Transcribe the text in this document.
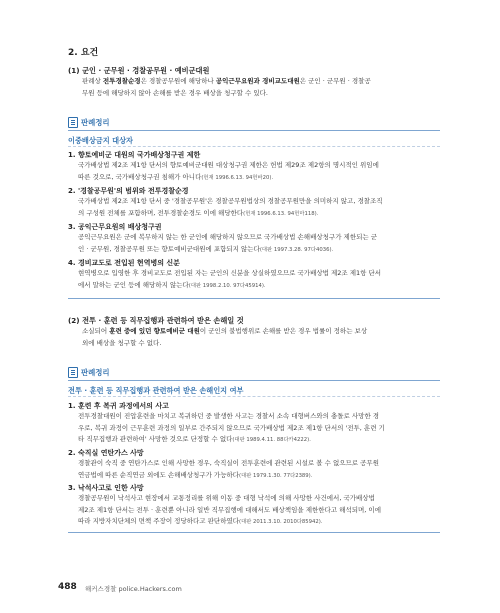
2. 요건
(1) 군인 · 군무원 · 경찰공무원 · 예비군대원
판례상 전투경찰순경은 경찰공무원에 해당하나 공익근무요원과 경비교도대원은 군인 · 군무원 · 경찰공
무원 등에 해당하지 않아 손해를 받은 경우 배상을 청구할 수 있다.
판례정리
이중배상금지 대상자
1. 향토예비군 대원의 국가배상청구권 제한
국가배상법 제2조 제1항 단서의 향토예비군대원 대상청구권 제한은 헌법 제29조 제2항의 명시적인 위임에
따른 것으로, 국가배상청구권 침해가 아니다(헌재 1996.6.13. 94헌바20).
2. '경찰공무원'의 범위와 전투경찰순경
국가배상법 제2조 제1항 단서 중 '경찰공무원'은 경찰공무원법상의 경찰공무원만을 의미하지 않고, 경찰조직
의 구성원 전체를 포함하며, 전투경찰순경도 이에 해당한다(헌재 1996.6.13. 94헌마118).
3. 공익근무요원의 배상청구권
공익근무요원은 군에 복무하지 않는 한 군인에 해당하지 않으므로 국가배상법 손해배상청구가 제한되는 군
인 · 군무원, 경찰공무원 또는 향토예비군대원에 포함되지 않는다(대판 1997.3.28. 97다4036).
4. 경비교도로 전입된 현역병의 신분
현역병으로 입영한 후 경비교도로 전입된 자는 군인의 신분을 상실하였으므로 국가배상법 제2조 제1항 단서
에서 말하는 군인 등에 해당하지 않는다(대판 1998.2.10. 97다45914).
(2) 전투 · 훈련 등 직무집행과 관련하여 받은 손해일 것
소실되어 훈련 중에 있던 향토예비군 대원이 군인의 불법행위로 손해를 받은 경우 법률이 정하는 보상
외에 배상을 청구할 수 없다.
판례정리
전투 · 훈련 등 직무집행과 관련하여 받은 손해인지 여부
1. 훈련 후 복귀 과정에서의 사고
전투경찰대원이 진압훈련을 마치고 복귀하던 중 발생한 사고는 경찰서 소속 대형버스와의 충돌로 사망한 경
우로, 복귀 과정이 근무훈련 과정의 일부로 간주되지 않으므로 국가배상법 제2조 제1항 단서의 '전투, 훈련 기
타 직무집행과 관련하여' 사망한 것으로 단정할 수 없다(대판 1989.4.11. 88다카4222).
2. 숙직실 연탄가스 사망
경찰관이 숙직 중 연탄가스로 인해 사망한 경우, 숙직실이 전투훈련에 관련된 시설로 볼 수 없으므로 공무원
연금법에 따른 순직연금 외에도 손해배상청구가 가능하다(대판 1979.1.30. 77다2389).
3. 낙석사고로 인한 사망
경찰공무원이 낙석사고 현장에서 교통정리를 위해 이동 중 대형 낙석에 의해 사망한 사건에서, 국가배상법
제2조 제1항 단서는 전투 · 훈련뿐 아니라 일반 직무집행에 대해서도 배상책임을 제한한다고 해석되며, 이에
따라 지방자치단체의 면책 주장이 정당하다고 판단하였다(대판 2011.3.10. 2010다85942).
488 해커스경찰 police.Hackers.com
